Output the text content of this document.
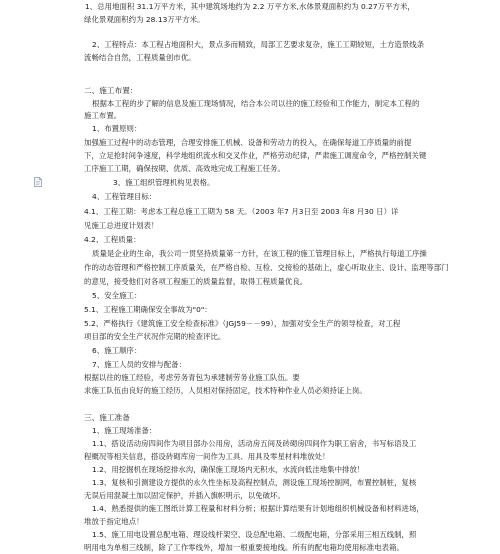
1、总用地面积 31.1万平方米，其中建筑场地约为 2.2 万平方米,水体景观面积约为 0.27万平方米，
绿化景观面积约为 28.13万平方米。
2、工程特点：本工程占地面积大，景点多而精致，局部工艺要求复杂，施工工期较短，土方造景线条
流畅结合自然，工程质量创市优。
二、施工布置：
根据本工程的步了解的信息及施工现场情况，结合本公司以往的施工经验和工作能力，制定本工程的
施工布置。
1、布置原则：
加强施工过程中的动态管理，合理安排施工机械、设备和劳动力的投入，在确保每道工序质量的前提
下，立足抢时间争速度，科学地组织流水和交叉作业，严格劳动纪律，严肃施工调度命令，严格控制关键
工序施工工期，确保按期、优质、高效地完成工程施工任务。
3、施工组织管理机构见表格。
4、工程管理目标：
4.1、工程工期：考虑本工程总施工工期为 58 天。（2003 年7 月3日至 2003 年8 月30 日）详
见施工总进度计划表！
4.2、工程质量：
质量是企业的生命，我公司一贯坚持质量第一方针，在该工程的施工管理目标上，严格执行每道工序操
作的动态管理和严格控制工序质量关，在严格自检、互检、交接检的基础上，虚心听取业主、设计、监理等部门
的意见，接受他们对各项工程施工的质量监督，取得工程质量优良。
5、安全施工：
5.1、工程施工期确保安全事故为"0"：
5.2、严格执行《建筑施工安全检查标准》（JGJ59－－99），加强对安全生产的领导检查，对工程
项目部的安全生产状况作完期的检查评比。
6、施工顺序：
7、施工人员的安排与配备：
根据以往的施工经验，考虑劳务青包为承建制劳务业施工队伍。要
求施工队伍由良好的施工经历，人员相对保持固定，技术特种作业人员必须持证上岗。
三、施工准备
1、施工现场准备：
1.1、搭设活动房四间作为项目部办公用房，活动房五间及砖砌房四间作为职工宿舍，书写标语及工
程概况等相关信息，搭设砖砌库房一间作为工具、用具及零星材料堆放处！
1.2、用挖掘机在现场挖排水沟，确保施工现场内无积水，水流向低洼地集中排放！
1.3、复核和引测建设方提供的永久性坐标及高程控制点，测设施工现场控制网，布置控制桩，复核
无误后用混凝土加以固定保护，并插入旗帜明示，以免破坏。
1.4、熟悉提供的施工图纸计算工程量和材料分析；根据计算结果有计划地组织机械设备和材料进场，
堆放于指定地点！
1.5、施工用电设置总配电箱、理设线杆架空、设总配电箱、二级配电箱，分部采用三相五线制，照
明用电为单相三线制，除了工作零线外，增加一根重要接地线。所有的配电箱均使用标准电表箱。
